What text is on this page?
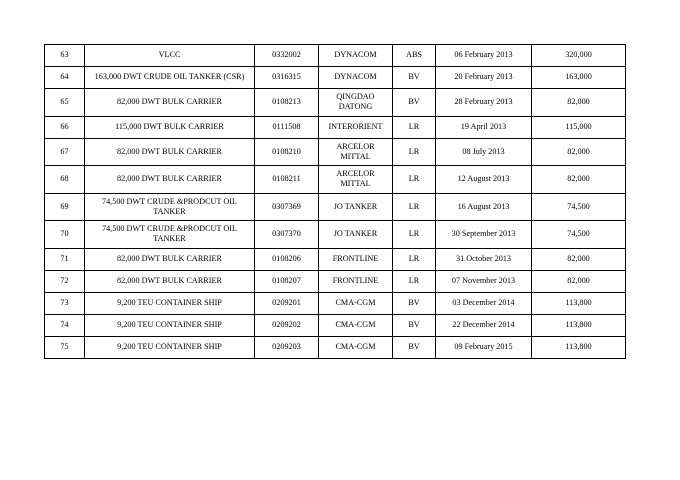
63	VLCC	0332002	DYNACOM	ABS	06 February 2013	320,000
64	163,000 DWT CRUDE OIL TANKER (CSR)	0316315	DYNACOM	BV	20 February 2013	163,000
65	82,000 DWT BULK CARRIER	0108213	QINGDAO DATONG	BV	28 February 2013	82,000
66	115,000 DWT BULK CARRIER	0111508	INTERORIENT	LR	19 April 2013	115,000
67	82,000 DWT BULK CARRIER	0108210	ARCELOR MITTAL	LR	08 July 2013	82,000
68	82,000 DWT BULK CARRIER	0108211	ARCELOR MITTAL	LR	12 August 2013	82,000
69	74,500 DWT CRUDE &PRODCUT OIL TANKER	0307369	JO TANKER	LR	16 August 2013	74,500
70	74,500 DWT CRUDE &PRODCUT OIL TANKER	0307370	JO TANKER	LR	30 September 2013	74,500
71	82,000 DWT BULK CARRIER	0108206	FRONTLINE	LR	31 October 2013	82,000
72	82,000 DWT BULK CARRIER	0108207	FRONTLINE	LR	07 November 2013	82,000
73	9,200 TEU CONTAINER SHIP	0209201	CMA-CGM	BV	03 December 2014	113,800
74	9,200 TEU CONTAINER SHIP	0209202	CMA-CGM	BV	22 December 2014	113,800
75	9,200 TEU CONTAINER SHIP	0209203	CMA-CGM	BV	09 February 2015	113,800
